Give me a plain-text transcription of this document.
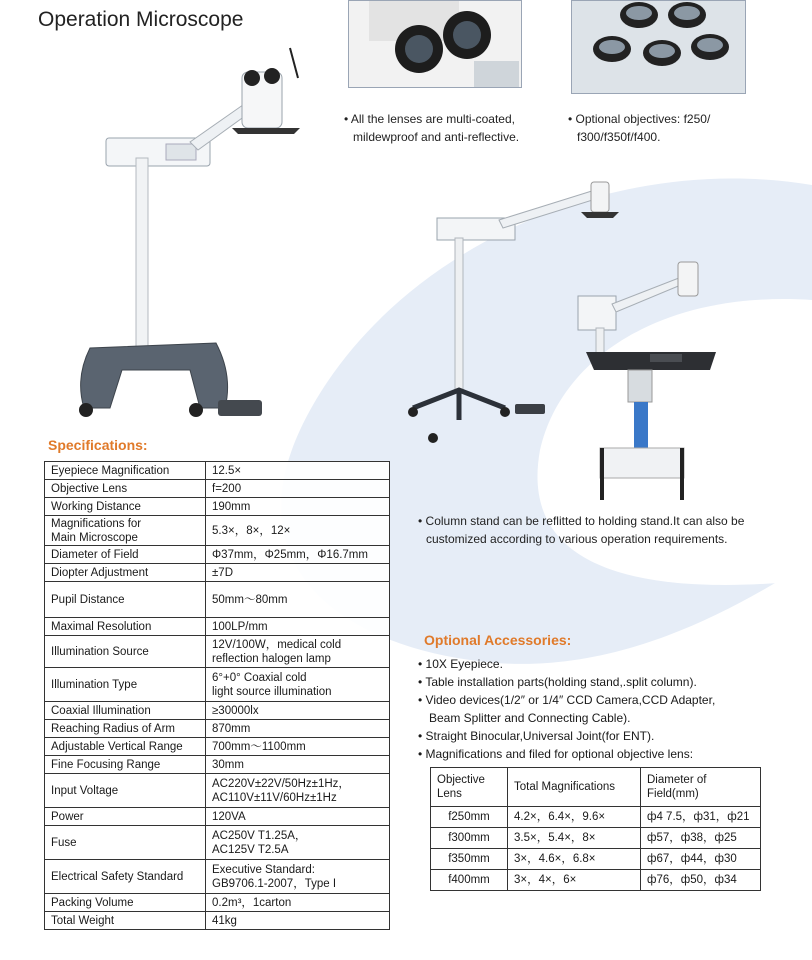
Operation Microscope
• All the lenses are multi-coated,
mildewproof and anti-reflective.
• Optional objectives: f250/
f300/f350f/f400.
• Column stand can be reflitted to holding stand.It can also be
customized according to various operation requirements.
Specifications:
Eyepiece Magnification	12.5×
Objective Lens	f=200
Working Distance	190mm
Magnifications for
Main Microscope	5.3×，8×，12×
Diameter of Field	Φ37mm，Φ25mm，Φ16.7mm
Diopter Adjustment	±7D
Pupil Distance	50mm～80mm
Maximal Resolution	100LP/mm
Illumination Source	12V/100W，medical cold
reflection halogen lamp
Illumination Type	6°+0° Coaxial cold
light source illumination
Coaxial Illumination	≥30000lx
Reaching Radius of Arm	870mm
Adjustable Vertical Range	700mm～1100mm
Fine Focusing Range	30mm
Input Voltage	AC220V±22V/50Hz±1Hz，
AC110V±11V/60Hz±1Hz
Power	120VA
Fuse	AC250V T1.25A，
AC125V T2.5A
Electrical Safety Standard	Executive Standard:
GB9706.1-2007，Type I
Packing Volume	0.2m³，1carton
Total Weight	41kg
Optional Accessories:
• 10X Eyepiece.
• Table installation parts(holding stand,.split column).
• Video devices(1/2″ or 1/4″ CCD Camera,CCD Adapter,
Beam Splitter and Connecting Cable).
• Straight Binocular,Universal Joint(for ENT).
• Magnifications and filed for optional objective lens:
Objective
Lens	Total Magnifications	Diameter of
Field(mm)
f250mm	4.2×，6.4×，9.6×	ф4 7.5，ф31，ф21
f300mm	3.5×，5.4×，8×	ф57，ф38，ф25
f350mm	3×，4.6×，6.8×	ф67，ф44，ф30
f400mm	3×，4×，6×	ф76，ф50，ф34
